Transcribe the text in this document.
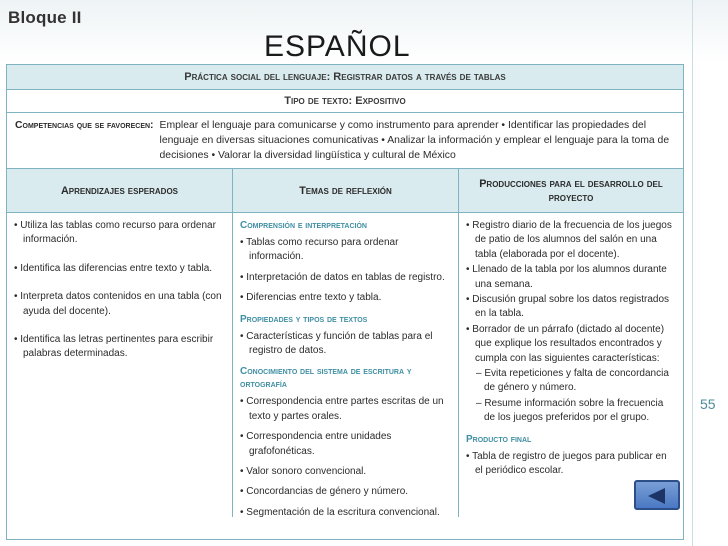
Bloque II
ESPAÑOL
55
Práctica social del lenguaje: Registrar datos a través de tablas
Tipo de texto: Expositivo
Competencias que se favorecen: Emplear el lenguaje para comunicarse y como instrumento para aprender • Identificar las propiedades del lenguaje en diversas situaciones comunicativas • Analizar la información y emplear el lenguaje para la toma de decisiones • Valorar la diversidad lingüística y cultural de México
Aprendizajes esperados
• Utiliza las tablas como recurso para ordenar información.
• Identifica las diferencias entre texto y tabla.
• Interpreta datos contenidos en una tabla (con ayuda del docente).
• Identifica las letras pertinentes para escribir palabras determinadas.
Temas de reflexión
Comprensión e interpretación
• Tablas como recurso para ordenar información.
• Interpretación de datos en tablas de registro.
• Diferencias entre texto y tabla.
Propiedades y tipos de textos
• Características y función de tablas para el registro de datos.
Conocimiento del sistema de escritura y ortografía
• Correspondencia entre partes escritas de un texto y partes orales.
• Correspondencia entre unidades grafofonéticas.
• Valor sonoro convencional.
• Concordancias de género y número.
• Segmentación de la escritura convencional.
Producciones para el desarrollo del proyecto
• Registro diario de la frecuencia de los juegos de patio de los alumnos del salón en una tabla (elaborada por el docente).
• Llenado de la tabla por los alumnos durante una semana.
• Discusión grupal sobre los datos registrados en la tabla.
• Borrador de un párrafo (dictado al docente) que explique los resultados encontrados y cumpla con las siguientes características:
– Evita repeticiones y falta de concordancia de género y número.
– Resume información sobre la frecuencia de los juegos preferidos por el grupo.
Producto final
• Tabla de registro de juegos para publicar en el periódico escolar.
